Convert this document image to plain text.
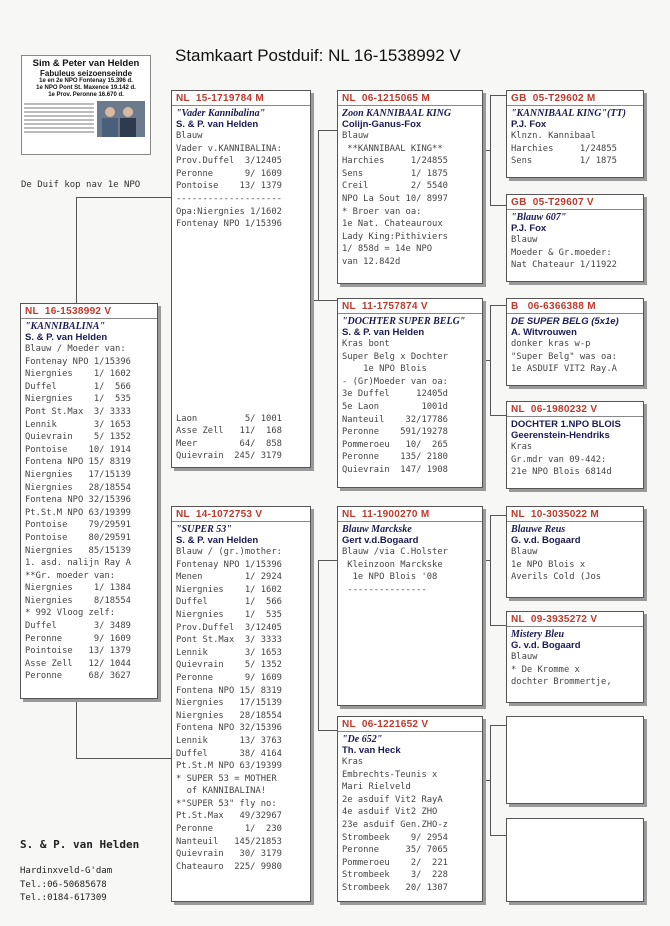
Stamkaart Postduif: NL 16-1538992 V
Sim & Peter van Helden
Fabuleus seizoenseinde
1e en 2e NPO Fontenay 15.396 d.
1e NPO Pont St. Maxence 19.142 d.
1e Prov. Peronne 16.670 d.
De Duif kop nav 1e NPO
NL  16-1538992 V
"KANNIBALINA"
S. & P. van Helden
Blauw / Moeder van:
Fontenay NPO 1/15396
Niergnies    1/ 1602
Duffel       1/  566
Niergnies    1/  535
Pont St.Max  3/ 3333
Lennik       3/ 1653
Quievrain    5/ 1352
Pontoise    10/ 1914
Fontena NPO 15/ 8319
Niergnies   17/15139
Niergnies   28/18554
Fontena NPO 32/15396
Pt.St.M NPO 63/19399
Pontoise    79/29591
Pontoise    80/29591
Niergnies   85/15139
1. asd. nalijn Ray A
**Gr. moeder van:
Niergnies    1/ 1384
Niergnies    8/18554
* 992 Vloog zelf:
Duffel       3/ 3489
Peronne      9/ 1609
Pointoise   13/ 1379
Asse Zell   12/ 1044
Peronne     68/ 3627
NL  15-1719784 M
"Vader Kannibalina"
S. & P. van Helden
Blauw
Vader v.KANNIBALINA:
Prov.Duffel  3/12405
Peronne      9/ 1609
Pontoise    13/ 1379
--------------------
Opa:Niergnies 1/1602
Fontenay NPO 1/15396
Laon         5/ 1001
Asse Zell   11/  168
Meer        64/  858
Quievrain  245/ 3179
NL  14-1072753 V
"SUPER 53"
S. & P. van Helden
Blauw / (gr.)mother:
Fontenay NPO 1/15396
Menen        1/ 2924
Niergnies    1/ 1602
Duffel       1/  566
Niergnies    1/  535
Prov.Duffel  3/12405
Pont St.Max  3/ 3333
Lennik       3/ 1653
Quievrain    5/ 1352
Peronne      9/ 1609
Fontena NPO 15/ 8319
Niergnies   17/15139
Niergnies   28/18554
Fontena NPO 32/15396
Lennik      13/ 3763
Duffel      38/ 4164
Pt.St.M NPO 63/19399
* SUPER 53 = MOTHER
of KANNIBALINA!
*"SUPER 53" fly no:
Pt.St.Max   49/32967
Peronne      1/  230
Nanteuil   145/21853
Quievrain   30/ 3179
Chateauro  225/ 9980
NL  06-1215065 M
Zoon KANNIBAAL KING
Colijn-Ganus-Fox
Blauw
**KANNIBAAL KING**
Harchies     1/24855
Sens         1/ 1875
Creil        2/ 5540
NPO La Sout 10/ 8997
* Broer van oa:
1e Nat. Chateauroux
Lady King:Pithiviers
1/ 858d = 14e NPO
van 12.842d
NL  11-1757874 V
"DOCHTER SUPER BELG"
S. & P. van Helden
Kras bont
Super Belg x Dochter
1e NPO Blois
- (Gr)Moeder van oa:
3e Duffel     12405d
5e Laon        1001d
Nanteuil    32/17786
Peronne    591/19278
Pommeroeu   10/  265
Peronne    135/ 2180
Quievrain  147/ 1908
NL  11-1900270 M
Blauw Marckske
Gert v.d.Bogaard
Blauw /via C.Holster
Kleinzoon Marckske
1e NPO Blois '08
---------------
NL  06-1221652 V
"De 652"
Th. van Heck
Kras
Embrechts-Teunis x
Mari Rielveld
2e asduif Vit2 RayA
4e asduif Vit2 ZHO
23e asduif Gen.ZHO-z
Strombeek    9/ 2954
Peronne     35/ 7065
Pommeroeu    2/  221
Strombeek    3/  228
Strombeek   20/ 1307
GB  05-T29602 M
"KANNIBAAL KING"(TT)
P.J. Fox
Klnzn. Kannibaal
Harchies     1/24855
Sens         1/ 1875
GB  05-T29607 V
"Blauw 607"
P.J. Fox
Blauw
Moeder & Gr.moeder:
Nat Chateaur 1/11922
B   06-6366388 M
DE SUPER BELG (5x1e)
A. Witvrouwen
donker kras w-p
"Super Belg" was oa:
1e ASDUIF VIT2 Ray.A
NL  06-1980232 V
DOCHTER 1.NPO BLOIS
Geerenstein-Hendriks
Kras
Gr.mdr van 09-442:
21e NPO Blois 6814d
NL  10-3035022 M
Blauwe Reus
G. v.d. Bogaard
Blauw
1e NPO Blois x
Averils Cold (Jos
NL  09-3935272 V
Mistery Bleu
G. v.d. Bogaard
Blauw
* De Kromme x
dochter Brommertje,
S. & P. van Helden
Hardinxveld-G'dam
Tel.:06-50685678
Tel.:0184-617309
